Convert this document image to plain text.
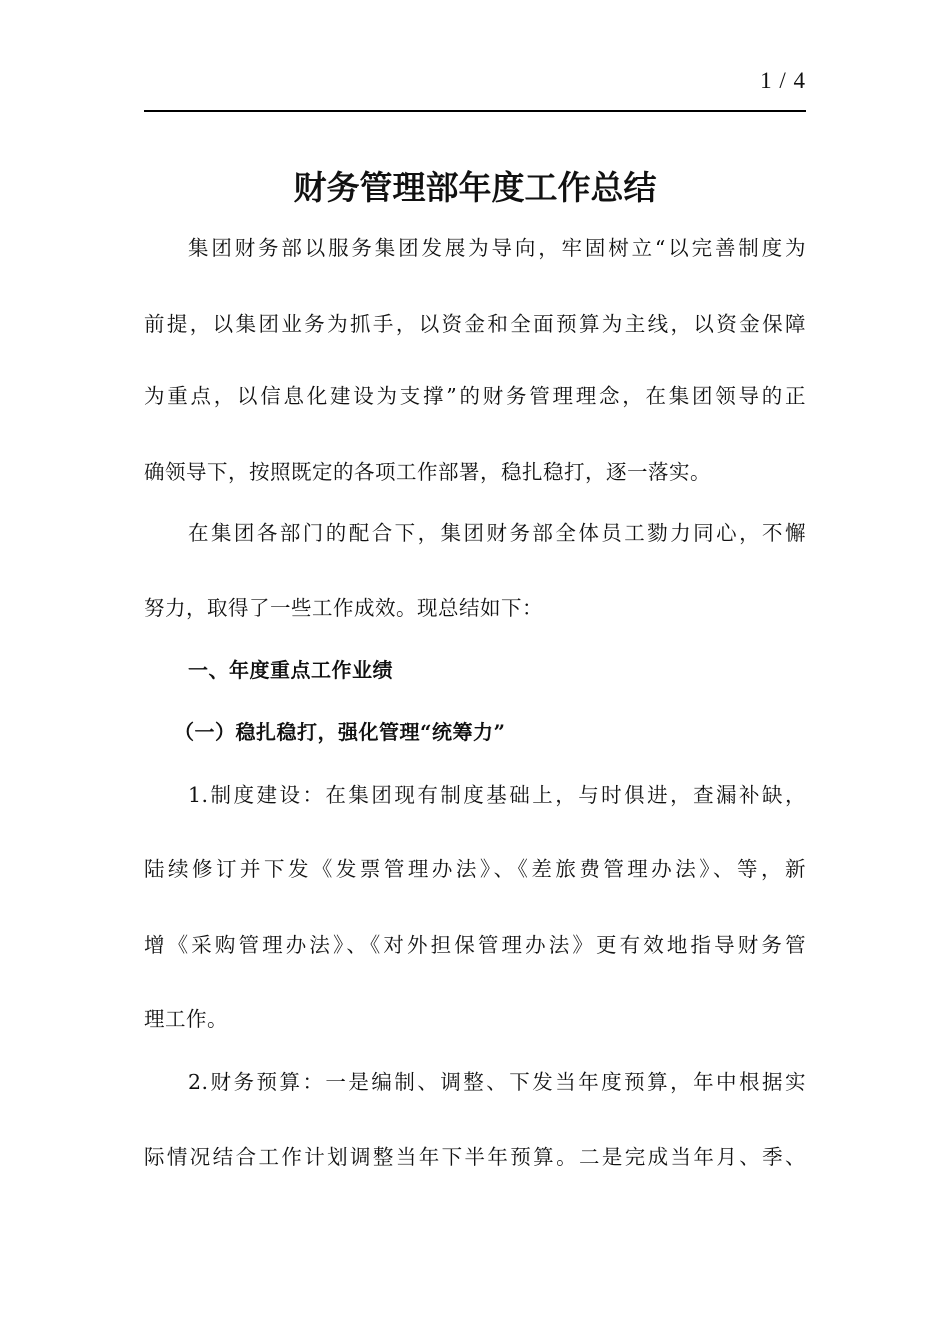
1 / 4
财务管理部年度工作总结
集团财务部以服务集团发展为导向，牢固树立“以完善制度为
前提，以集团业务为抓手，以资金和全面预算为主线，以资金保障
为重点，以信息化建设为支撑”的财务管理理念，在集团领导的正
确领导下，按照既定的各项工作部署，稳扎稳打，逐一落实。
在集团各部门的配合下，集团财务部全体员工勠力同心，不懈
努力，取得了一些工作成效。现总结如下：
一、年度重点工作业绩
（一）稳扎稳打，强化管理“统筹力”
1.制度建设：在集团现有制度基础上，与时俱进，查漏补缺，
陆续修订并下发《发票管理办法》、《差旅费管理办法》、等，新
增《采购管理办法》、《对外担保管理办法》更有效地指导财务管
理工作。
2.财务预算：一是编制、调整、下发当年度预算，年中根据实
际情况结合工作计划调整当年下半年预算。二是完成当年月、季、
